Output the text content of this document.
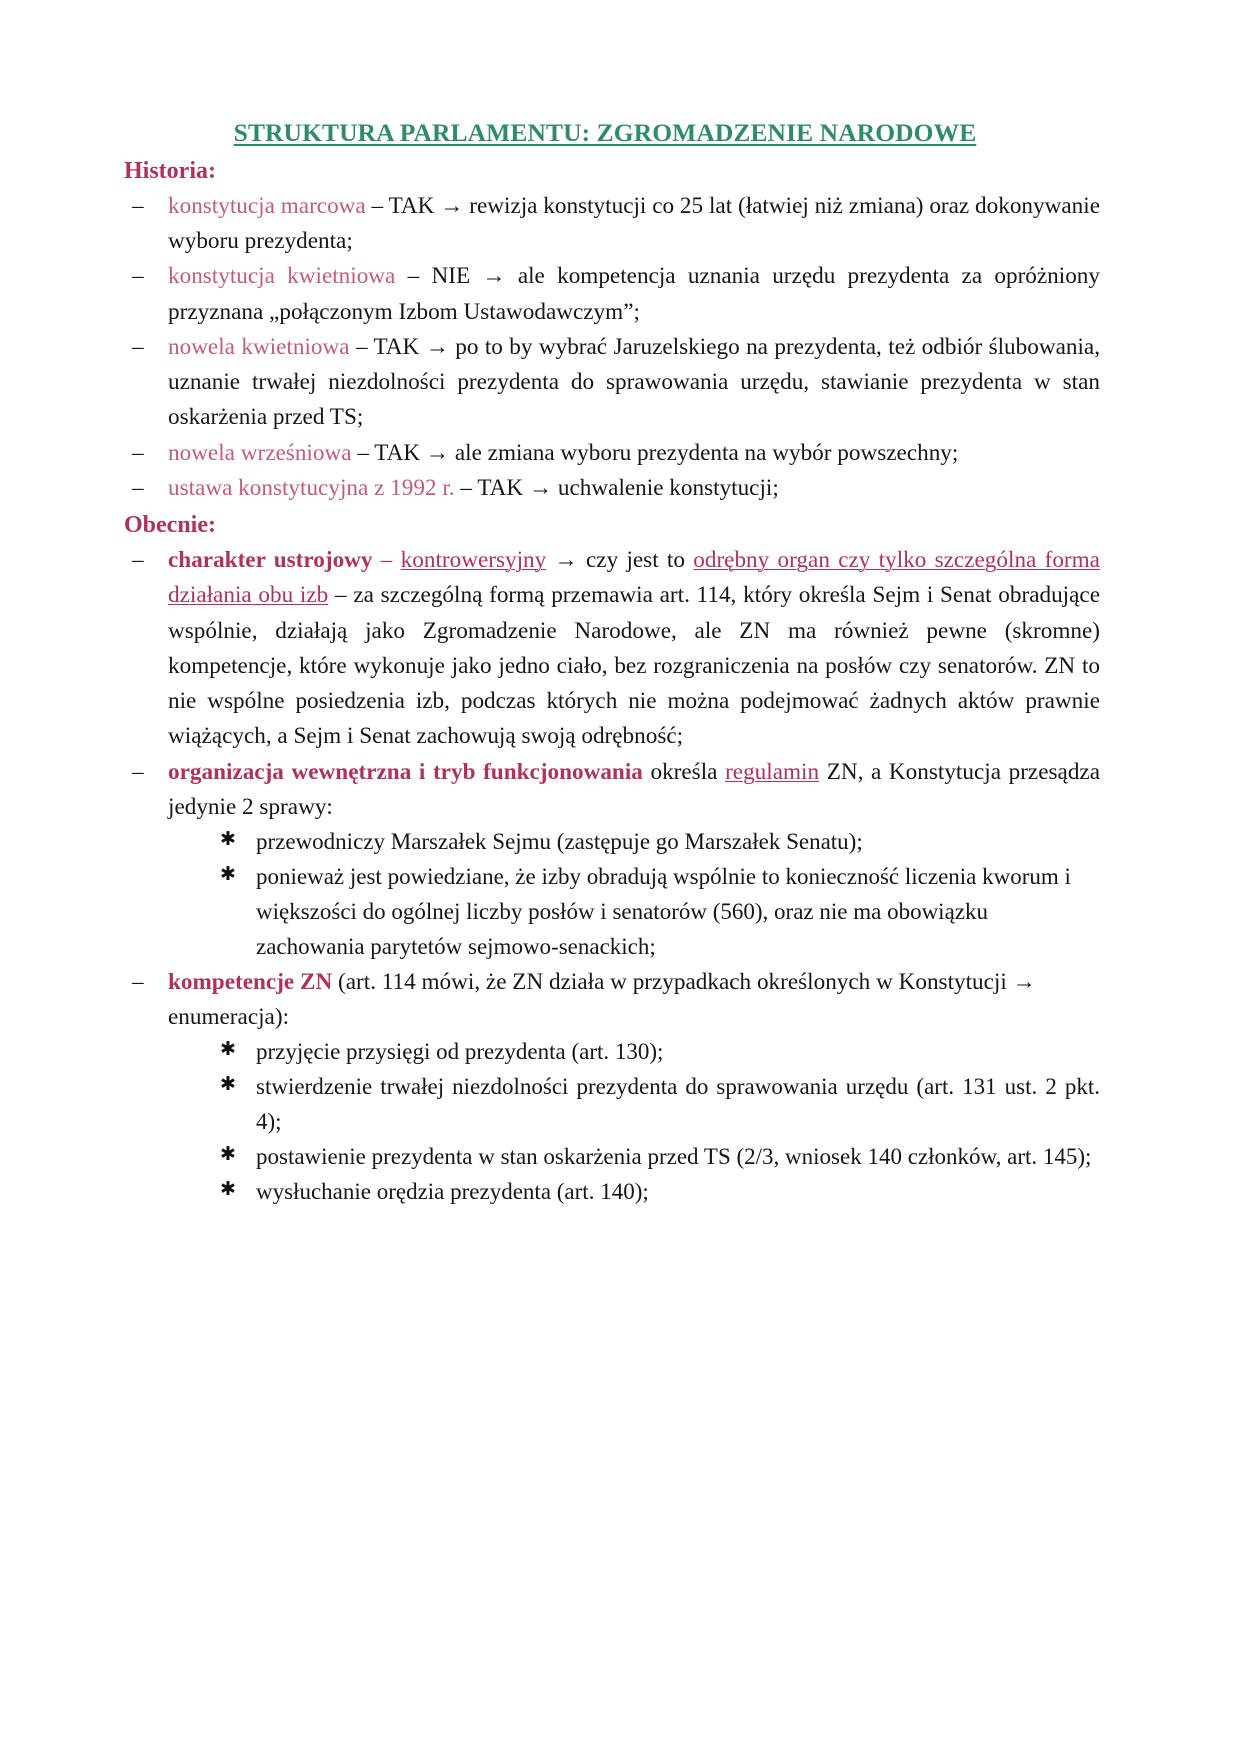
STRUKTURA PARLAMENTU: ZGROMADZENIE NARODOWE
Historia:
– konstytucja marcowa – TAK → rewizja konstytucji co 25 lat (łatwiej niż zmiana) oraz dokonywanie wyboru prezydenta;
– konstytucja kwietniowa – NIE → ale kompetencja uznania urzędu prezydenta za opróżniony przyznana „połączonym Izbom Ustawodawczym”;
– nowela kwietniowa – TAK → po to by wybrać Jaruzelskiego na prezydenta, też odbiór ślubowania, uznanie trwałej niezdolności prezydenta do sprawowania urzędu, stawianie prezydenta w stan oskarżenia przed TS;
– nowela wrześniowa – TAK → ale zmiana wyboru prezydenta na wybór powszechny;
– ustawa konstytucyjna z 1992 r. – TAK → uchwalenie konstytucji;
Obecnie:
– charakter ustrojowy – kontrowersyjny → czy jest to odrębny organ czy tylko szczególna forma działania obu izb – za szczególną formą przemawia art. 114, który określa Sejm i Senat obradujące wspólnie, działają jako Zgromadzenie Narodowe, ale ZN ma również pewne (skromne) kompetencje, które wykonuje jako jedno ciało, bez rozgraniczenia na posłów czy senatorów. ZN to nie wspólne posiedzenia izb, podczas których nie można podejmować żadnych aktów prawnie wiążących, a Sejm i Senat zachowują swoją odrębność;
– organizacja wewnętrzna i tryb funkcjonowania określa regulamin ZN, a Konstytucja przesądza jedynie 2 sprawy:
✱ przewodniczy Marszałek Sejmu (zastępuje go Marszałek Senatu);
✱ ponieważ jest powiedziane, że izby obradują wspólnie to konieczność liczenia kworum i większości do ogólnej liczby posłów i senatorów (560), oraz nie ma obowiązku zachowania parytetów sejmowo-senackich;
– kompetencje ZN (art. 114 mówi, że ZN działa w przypadkach określonych w Konstytucji → enumeracja):
✱ przyjęcie przysięgi od prezydenta (art. 130);
✱ stwierdzenie trwałej niezdolności prezydenta do sprawowania urzędu (art. 131 ust. 2 pkt. 4);
✱ postawienie prezydenta w stan oskarżenia przed TS (2/3, wniosek 140 członków, art. 145);
✱ wysłuchanie orędzia prezydenta (art. 140);
